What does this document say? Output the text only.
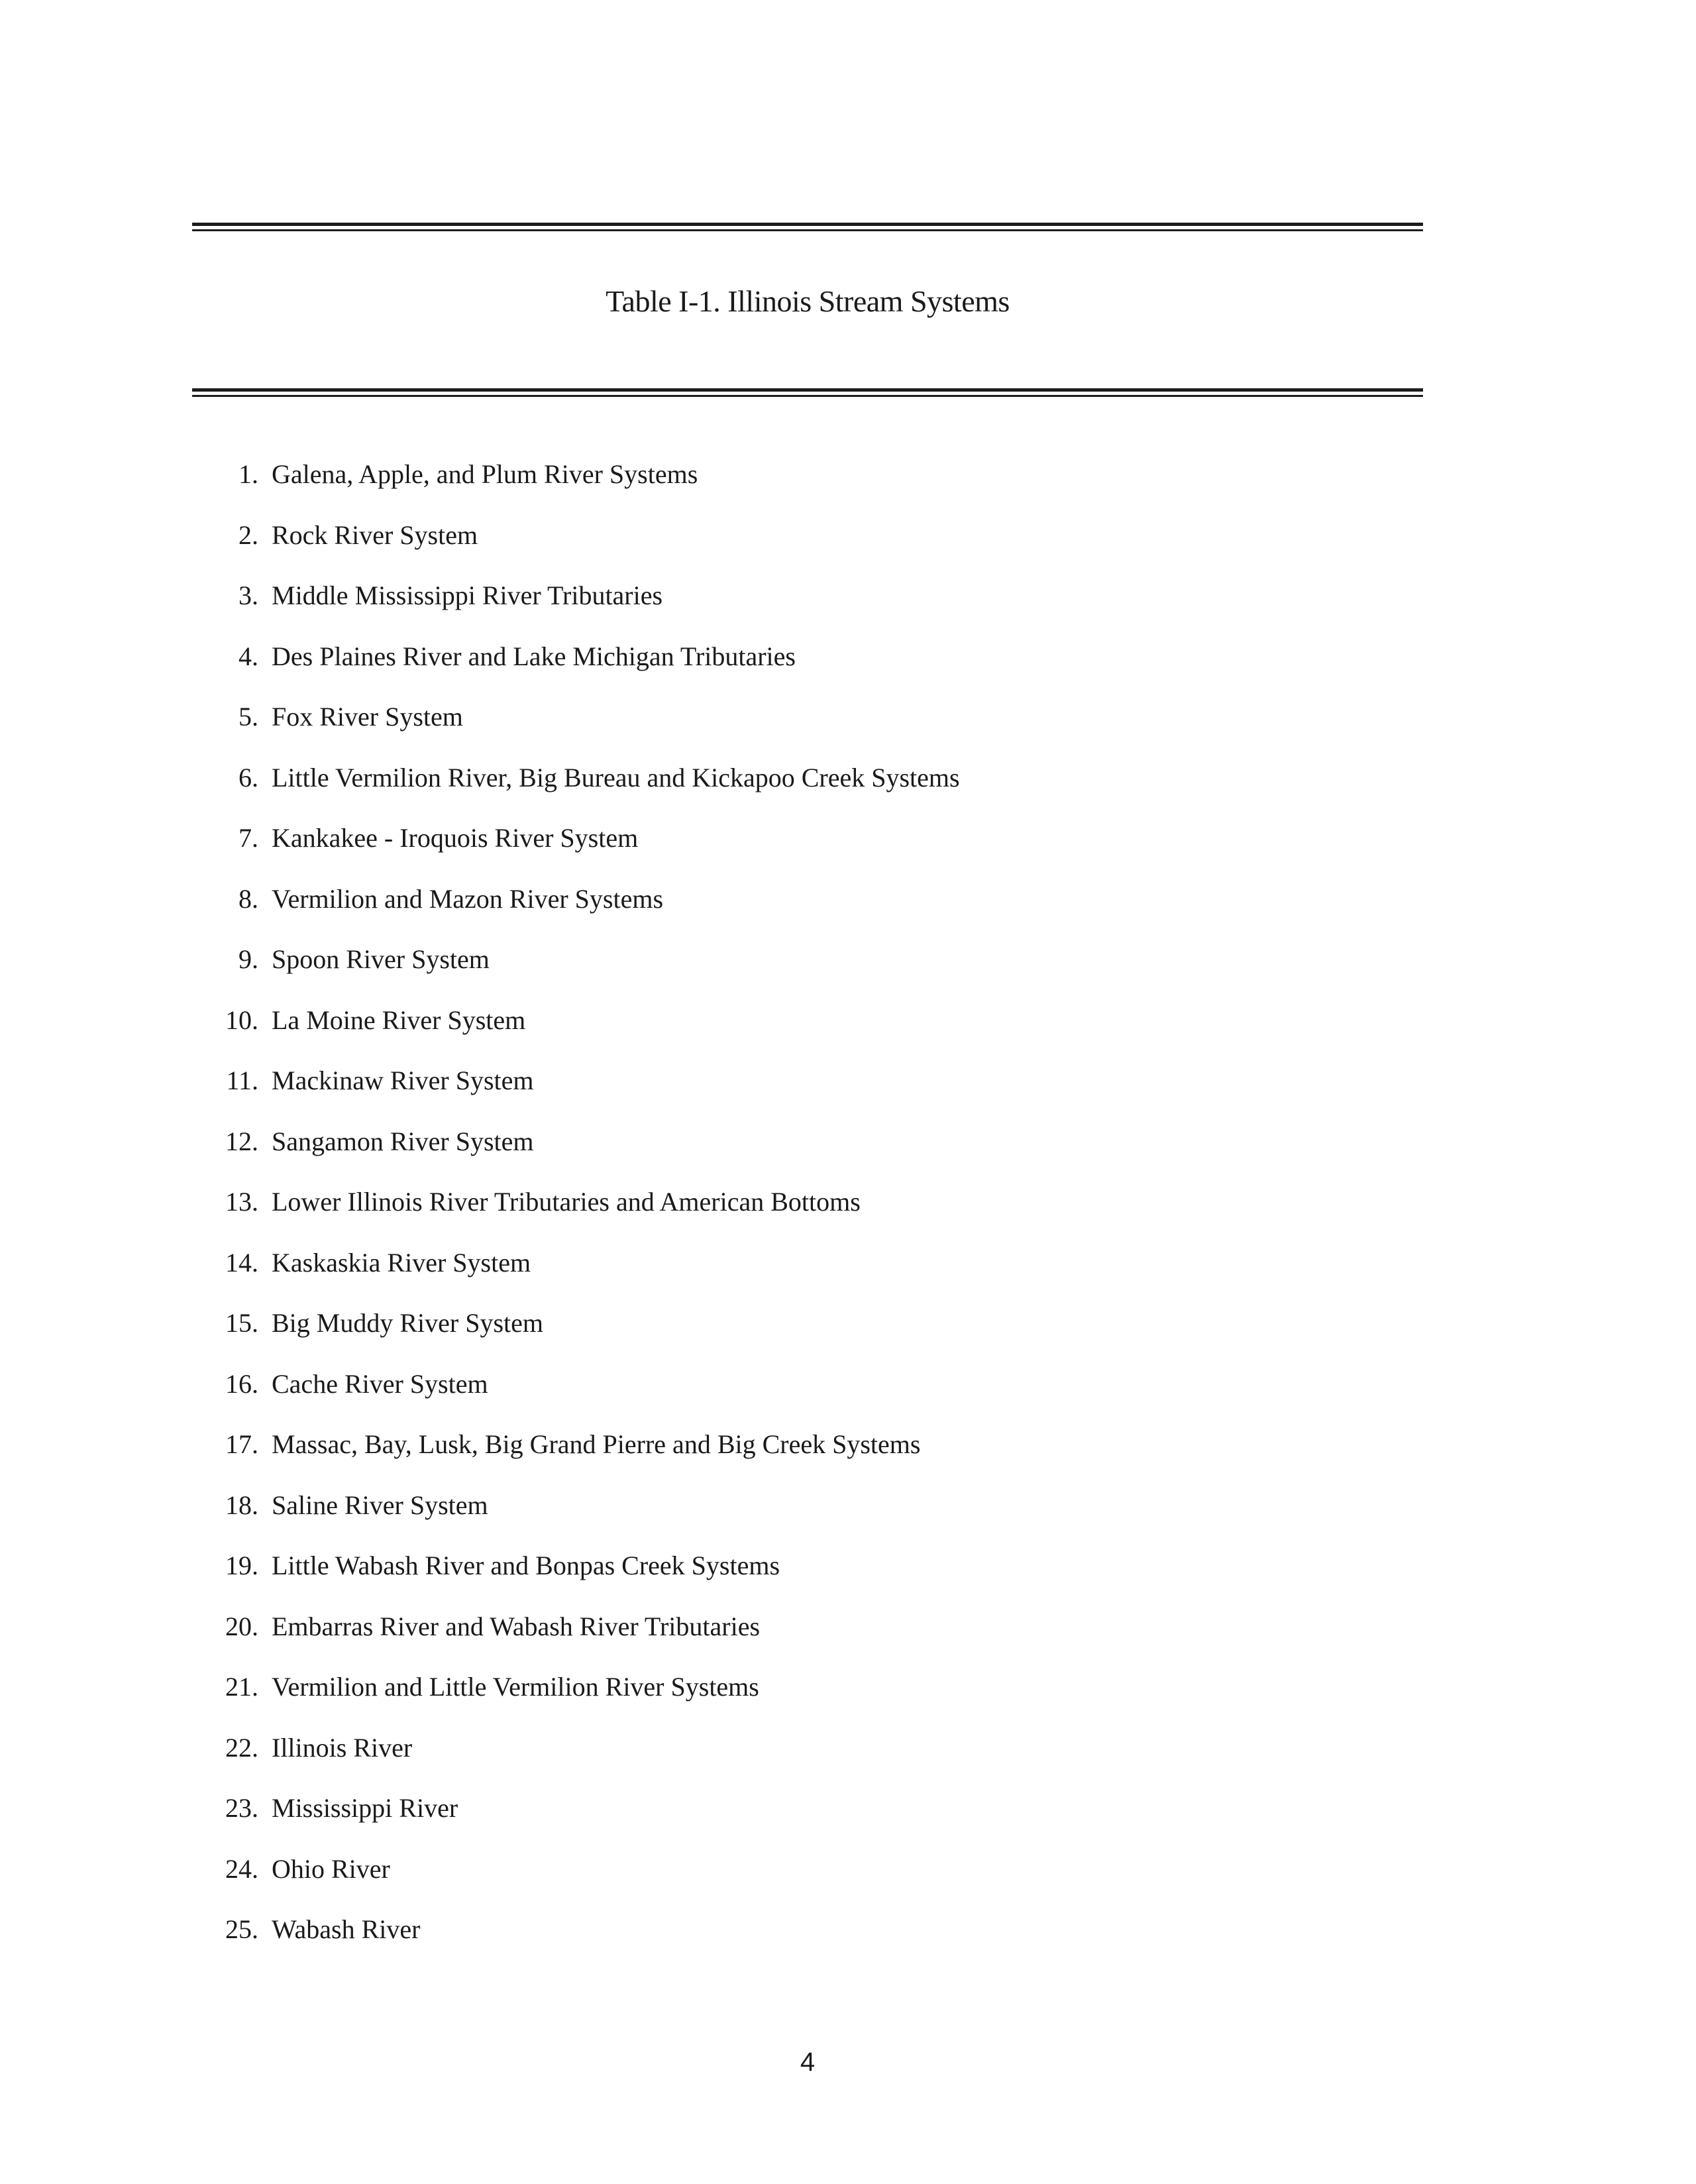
Table I-1. Illinois Stream Systems
1. Galena, Apple, and Plum River Systems
2. Rock River System
3. Middle Mississippi River Tributaries
4. Des Plaines River and Lake Michigan Tributaries
5. Fox River System
6. Little Vermilion River, Big Bureau and Kickapoo Creek Systems
7. Kankakee - Iroquois River System
8. Vermilion and Mazon River Systems
9. Spoon River System
10. La Moine River System
11. Mackinaw River System
12. Sangamon River System
13. Lower Illinois River Tributaries and American Bottoms
14. Kaskaskia River System
15. Big Muddy River System
16. Cache River System
17. Massac, Bay, Lusk, Big Grand Pierre and Big Creek Systems
18. Saline River System
19. Little Wabash River and Bonpas Creek Systems
20. Embarras River and Wabash River Tributaries
21. Vermilion and Little Vermilion River Systems
22. Illinois River
23. Mississippi River
24. Ohio River
25. Wabash River
4
